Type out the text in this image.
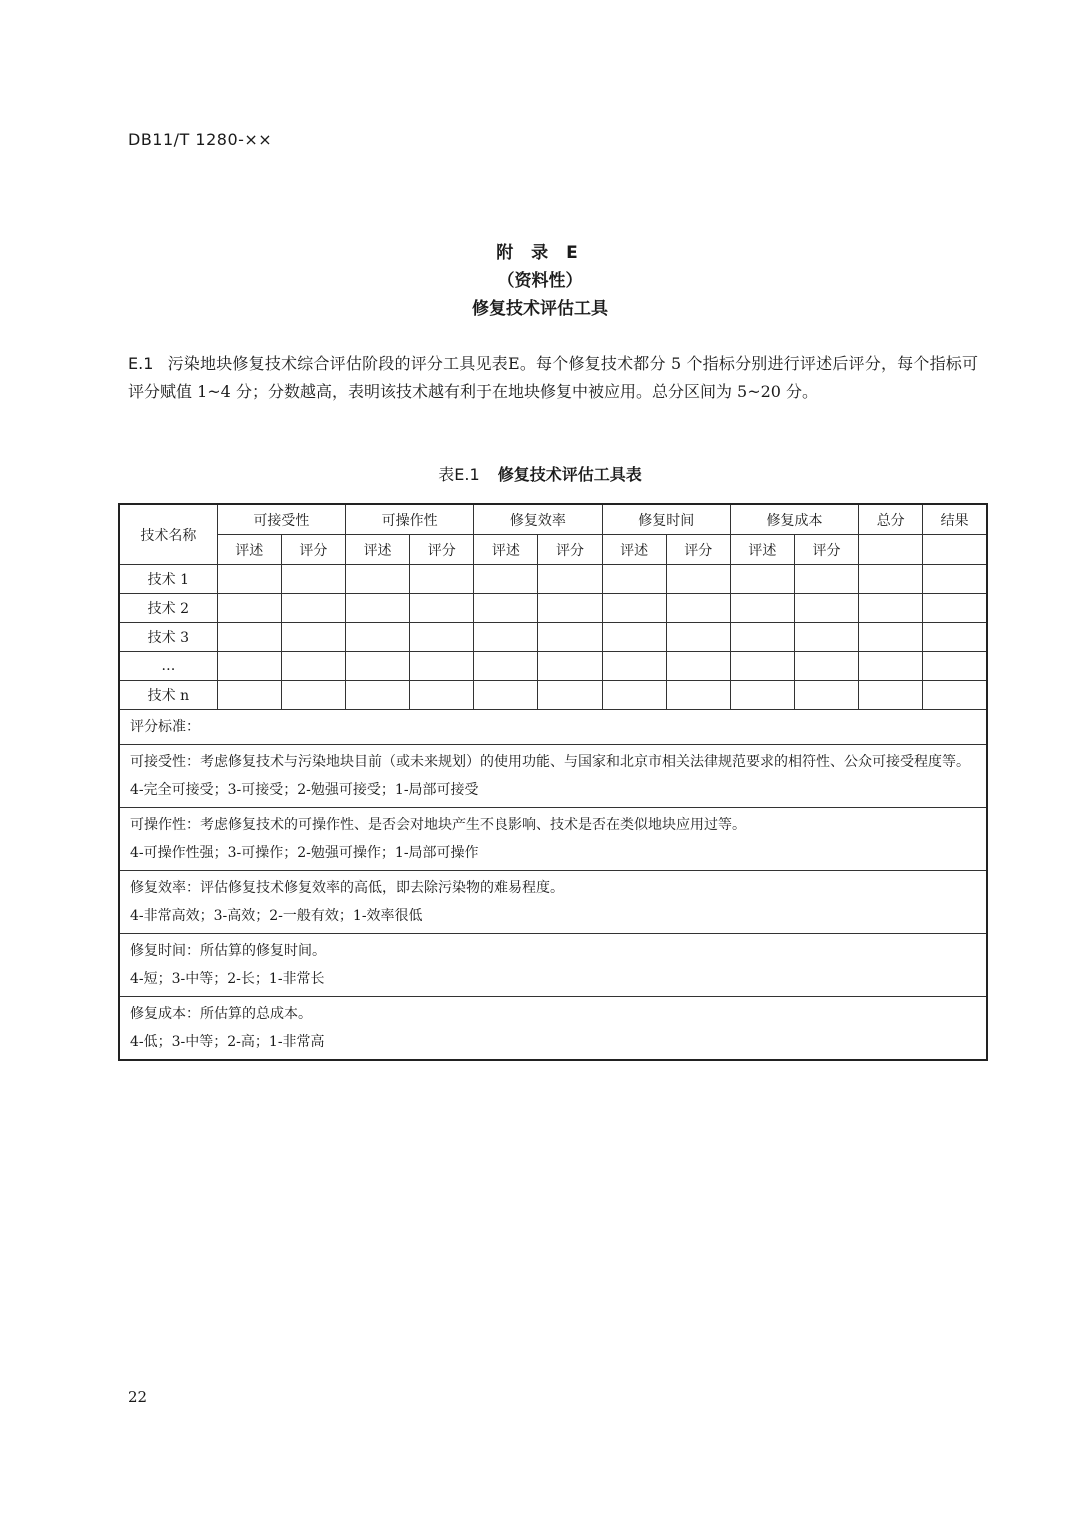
DB11/T 1280-××
附 录 E
（资料性）
修复技术评估工具
E.1 污染地块修复技术综合评估阶段的评分工具见表E。每个修复技术都分 5 个指标分别进行评述后评分，每个指标可评分赋值 1~4 分；分数越高，表明该技术越有利于在地块修复中被应用。总分区间为 5~20 分。
表E.1 修复技术评估工具表
技术名称	可接受性		可操作性		修复效率		修复时间		修复成本		总分	结果
	评述	评分	评述	评分	评述	评分	评述	评分	评述	评分		
技术 1												
技术 2												
技术 3												
…												
技术 n												
评分标准：												

可接受性：考虑修复技术与污染地块目前（或未来规划）的使用功能、与国家和北京市相关法律规范要求的相符性、公众可接受程度等。
4-完全可接受；3-可接受；2-勉强可接受；1-局部可接受												

可操作性：考虑修复技术的可操作性、是否会对地块产生不良影响、技术是否在类似地块应用过等。
4-可操作性强；3-可操作；2-勉强可操作；1-局部可操作												

修复效率：评估修复技术修复效率的高低，即去除污染物的难易程度。
4-非常高效；3-高效；2-一般有效；1-效率很低												

修复时间：所估算的修复时间。
4-短；3-中等；2-长；1-非常长												

修复成本：所估算的总成本。
4-低；3-中等；2-高；1-非常高												
22
